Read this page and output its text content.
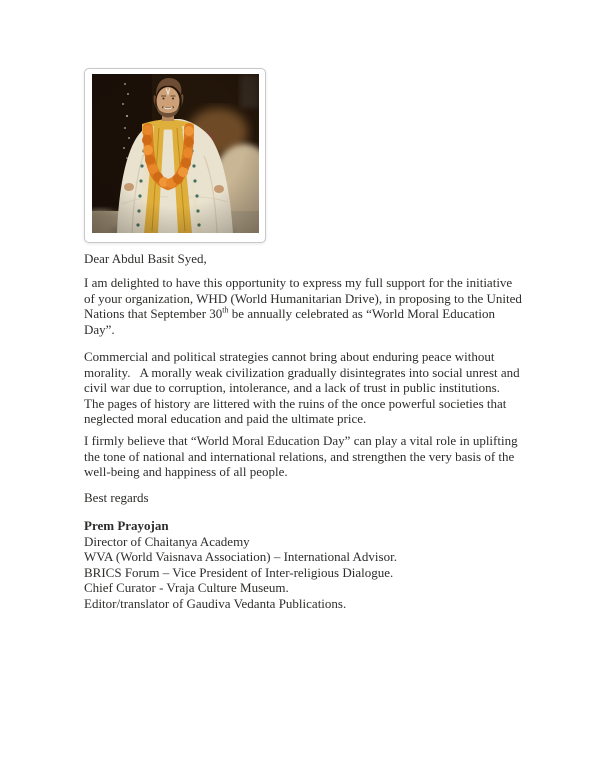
Dear Abdul Basit Syed,
I am delighted to have this opportunity to express my full support for the initiative
of your organization, WHD (World Humanitarian Drive), in proposing to the United
Nations that September 30th be annually celebrated as “World Moral Education
Day”.
Commercial and political strategies cannot bring about enduring peace without
morality.   A morally weak civilization gradually disintegrates into social unrest and
civil war due to corruption, intolerance, and a lack of trust in public institutions.
The pages of history are littered with the ruins of the once powerful societies that
neglected moral education and paid the ultimate price.
I firmly believe that “World Moral Education Day” can play a vital role in uplifting
the tone of national and international relations, and strengthen the very basis of the
well-being and happiness of all people.
Best regards
Prem Prayojan
Director of Chaitanya Academy
WVA (World Vaisnava Association) – International Advisor.
BRICS Forum – Vice President of Inter-religious Dialogue.
Chief Curator - Vraja Culture Museum.
Editor/translator of Gaudiva Vedanta Publications.
